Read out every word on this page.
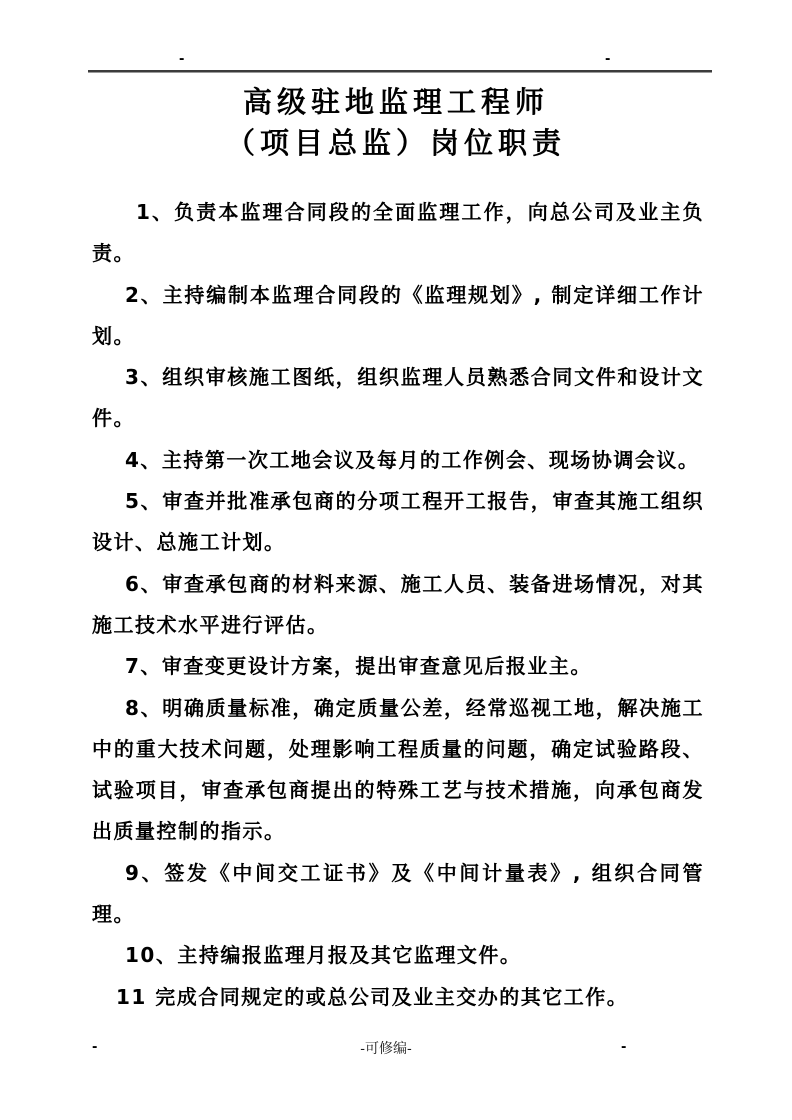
-	-
高级驻地监理工程师
（项目总监）岗位职责

1、负责本监理合同段的全面监理工作，向总公司及业主负责。

2、主持编制本监理合同段的《监理规划》, 制定详细工作计划。

3、组织审核施工图纸，组织监理人员熟悉合同文件和设计文件。

4、主持第一次工地会议及每月的工作例会、现场协调会议。

5、审查并批准承包商的分项工程开工报告，审查其施工组织设计、总施工计划。

6、审查承包商的材料来源、施工人员、装备进场情况，对其施工技术水平进行评估。

7、审查变更设计方案，提出审查意见后报业主。

8、明确质量标准，确定质量公差，经常巡视工地，解决施工中的重大技术问题，处理影响工程质量的问题，确定试验路段、试验项目，审查承包商提出的特殊工艺与技术措施，向承包商发出质量控制的指示。

9、签发《中间交工证书》及《中间计量表》, 组织合同管理。

10、主持编报监理月报及其它监理文件。

11 完成合同规定的或总公司及业主交办的其它工作。

-	-可修编-	-
